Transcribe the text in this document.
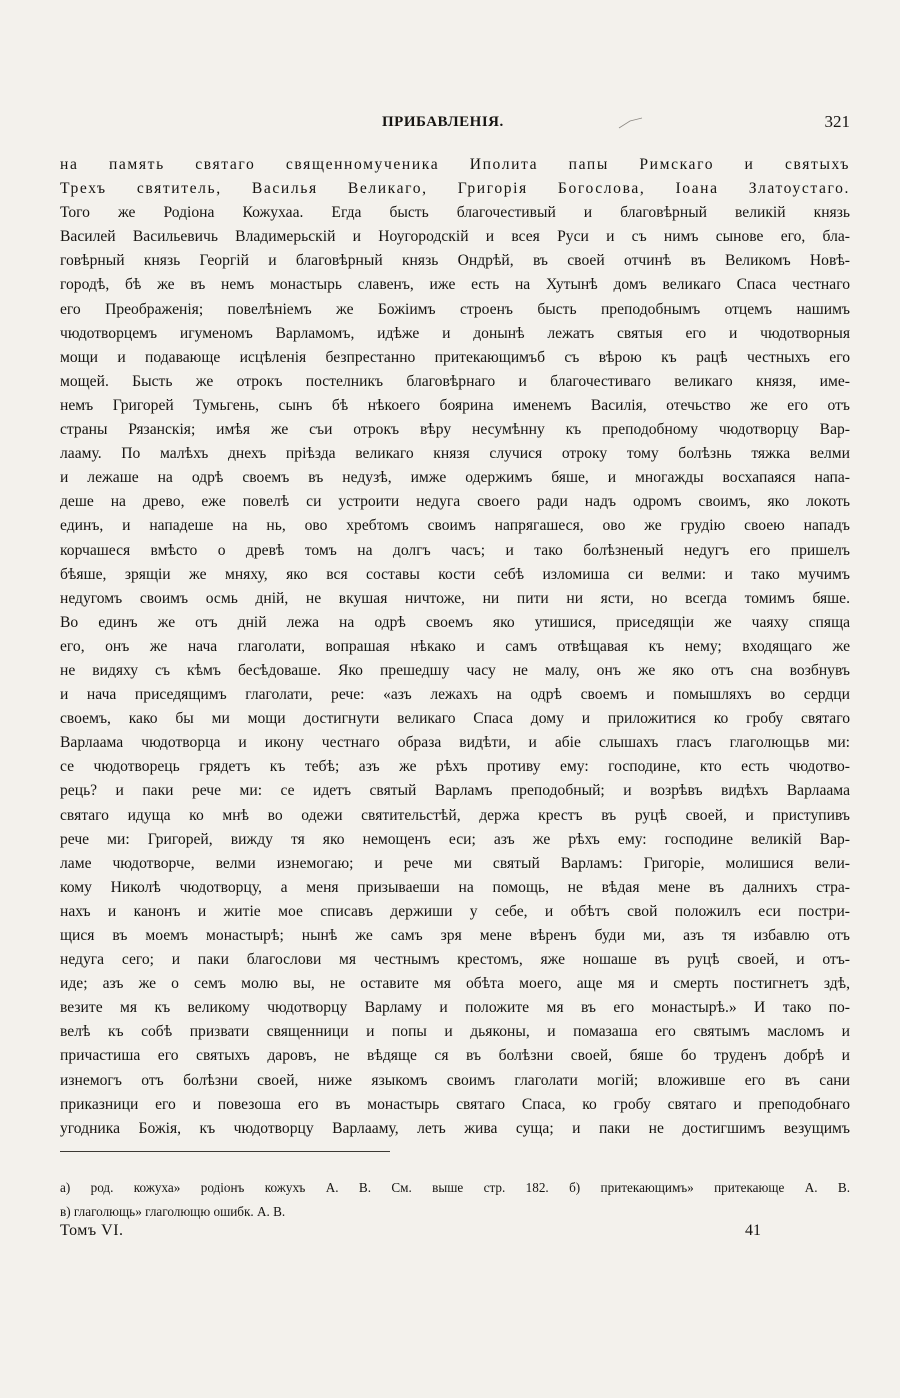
ПРИБАВЛЕНІЯ.	321
на память святаго священномученика Иполита папы Римскаго и святыхъ
Трехъ святитель, Василья Великаго, Григорія Богослова, Іоана Златоустаго.
Того же Родіона Кожухаа. Егда бысть благочестивый и благовѣрный великій князь
Василей Васильевичь Владимерьскій и Ноугородскій и всея Руси и съ нимъ сынове его, бла-
говѣрный князь Георгій и благовѣрный князь Ондрѣй, въ своей отчинѣ въ Великомъ Новѣ-
городѣ, бѣ же въ немъ монастырь славенъ, иже есть на Хутынѣ домъ великаго Спаса честнаго
его Преображенія; повелѣніемъ же Божіимъ строенъ бысть преподобнымъ отцемъ нашимъ
чюдотворцемъ игуменомъ Варламомъ, идѣже и донынѣ лежатъ святыя его и чюдотворныя
мощи и подавающе исцѣленія безпрестанно притекающимъб съ вѣрою къ рацѣ честныхъ его
мощей. Бысть же отрокъ постелникъ благовѣрнаго и благочестиваго великаго князя, име-
немъ Григорей Тумьгень, сынъ бѣ нѣкоего боярина именемъ Василія, отечьство же его отъ
страны Рязанскія; имѣя же съи отрокъ вѣру несумѣнну къ преподобному чюдотворцу Вар-
лааму. По малѣхъ днехъ пріѣзда великаго князя случися отроку тому болѣзнь тяжка велми
и лежаше на одрѣ своемъ въ недузѣ, имже одержимъ бяше, и многажды восхапаяся напа-
деше на древо, еже повелѣ си устроити недуга своего ради надъ одромъ своимъ, яко локоть
единъ, и нападеше на нь, ово хребтомъ своимъ напрягашеся, ово же грудію своею нападъ
корчашеся вмѣсто о древѣ томъ на долгъ часъ; и тако болѣзненый недугъ его пришелъ
бѣяше, зрящіи же мняху, яко вся составы кости себѣ изломиша си велми: и тако мучимъ
недугомъ своимъ осмь дній, не вкушая ничтоже, ни пити ни ясти, но всегда томимъ бяше.
Во единъ же отъ дній лежа на одрѣ своемъ яко утишися, приседящіи же чаяху спяща
его, онъ же нача глаголати, вопрашая нѣкако и самъ отвѣщавая къ нему; входящаго же
не видяху съ кѣмъ бесѣдоваше. Яко прешедшу часу не малу, онъ же яко отъ сна возбнувъ
и нача приседящимъ глаголати, рече: «азъ лежахъ на одрѣ своемъ и помышляхъ во сердци
своемъ, како бы ми мощи достигнути великаго Спаса дому и приложитися ко гробу святаго
Варлаама чюдотворца и икону честнаго образа видѣти, и абіе слышахъ гласъ глаголющьв ми:
се чюдотворець грядетъ къ тебѣ; азъ же рѣхъ противу ему: господине, кто есть чюдотво-
рець? и паки рече ми: се идетъ святый Варламъ преподобный; и возрѣвъ видѣхъ Варлаама
святаго идуща ко мнѣ во одежи святительстѣй, держа крестъ въ руцѣ своей, и приступивъ
рече ми: Григорей, вижду тя яко немощенъ еси; азъ же рѣхъ ему: господине великій Вар-
ламе чюдотворче, велми изнемогаю; и рече ми святый Варламъ: Григоріе, молишися вели-
кому Николѣ чюдотворцу, а меня призываеши на помощь, не вѣдая мене въ далнихъ стра-
нахъ и канонъ и житіе мое списавъ держиши у себе, и обѣтъ свой положилъ еси постри-
щися въ моемъ монастырѣ; нынѣ же самъ зря мене вѣренъ буди ми, азъ тя избавлю отъ
недуга сего; и паки благослови мя честнымъ крестомъ, яже ношаше въ руцѣ своей, и отъ-
иде; азъ же о семъ молю вы, не оставите мя обѣта моего, аще мя и смерть постигнетъ здѣ,
везите мя къ великому чюдотворцу Варламу и положите мя въ его монастырѣ.» И тако по-
велѣ къ собѣ призвати священници и попы и дьяконы, и помазаша его святымъ масломъ и
причастиша его святыхъ даровъ, не вѣдяще ся въ болѣзни своей, бяше бо труденъ добрѣ и
изнемогъ отъ болѣзни своей, ниже языкомъ своимъ глаголати могій; вложивше его въ сани
приказници его и повезоша его въ монастырь святаго Спаса, ко гробу святаго и преподобнаго
угодника Божія, къ чюдотворцу Варлааму, леть жива суща; и паки не достигшимъ везущимъ
а) род. кожуха» родіонъ кожухъ А. В. См. выше стр. 182. б) притекающимъ» притекающе А. В.
в) глаголющь» глаголющю ошибк. А. В.
Томъ VI.	41
